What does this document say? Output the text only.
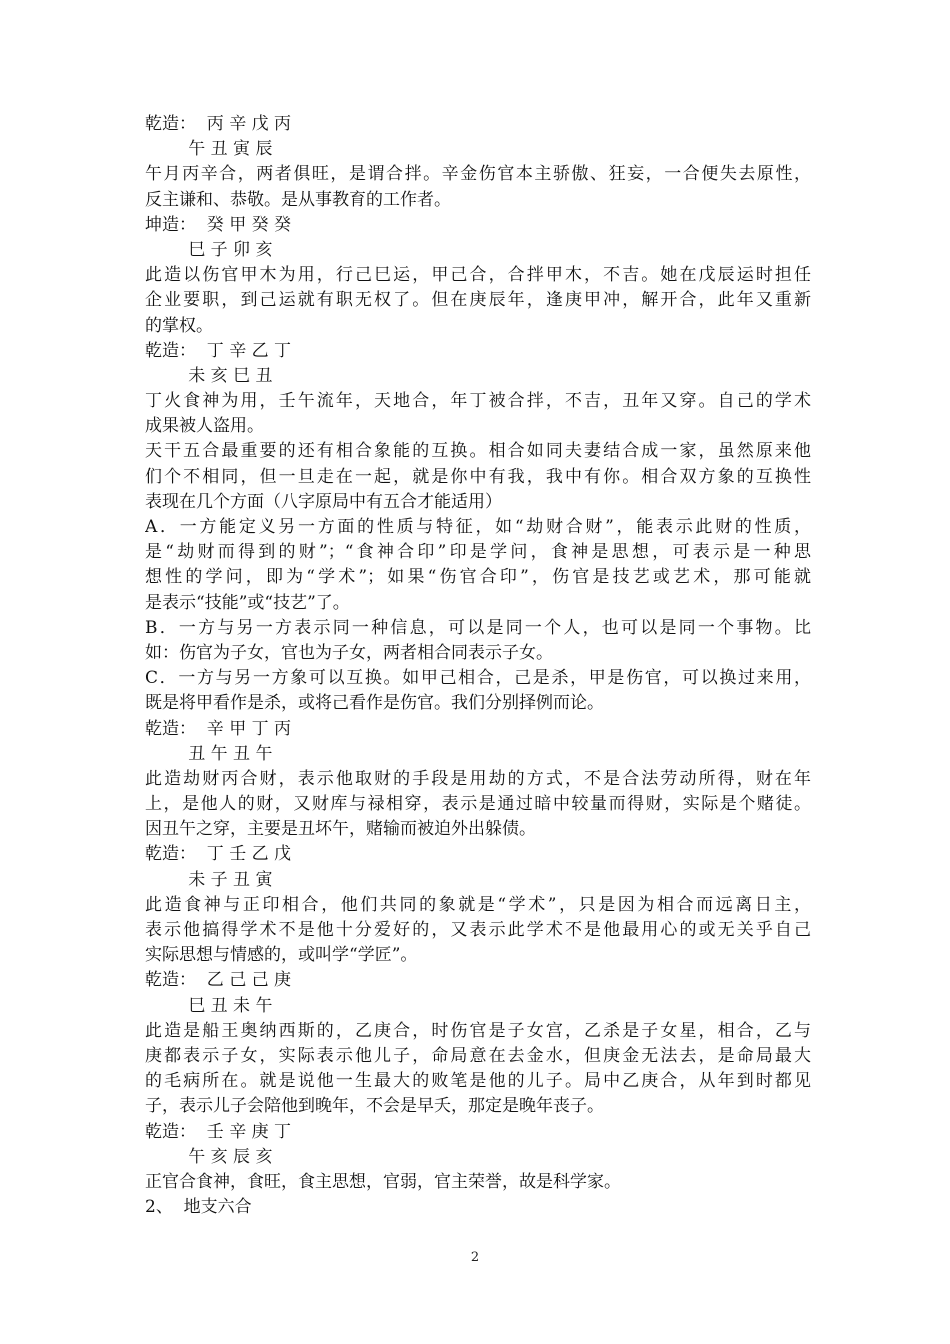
乾造：  丙 辛 戊 丙
午 丑 寅 辰
午月丙辛合，两者俱旺，是谓合拌。辛金伤官本主骄傲、狂妄，一合便失去原性，
反主谦和、恭敬。是从事教育的工作者。
坤造：  癸 甲 癸 癸
巳 子 卯 亥
此造以伤官甲木为用，行己巳运，甲己合，合拌甲木，不吉。她在戊辰运时担任
企业要职，到己运就有职无权了。但在庚辰年，逢庚甲冲，解开合，此年又重新
的掌权。
乾造：  丁 辛 乙 丁
未 亥 巳 丑
丁火食神为用，壬午流年，天地合，年丁被合拌，不吉，丑年又穿。自己的学术
成果被人盗用。
天干五合最重要的还有相合象能的互换。相合如同夫妻结合成一家，虽然原来他
们个不相同，但一旦走在一起，就是你中有我，我中有你。相合双方象的互换性
表现在几个方面（八字原局中有五合才能适用）
A．一方能定义另一方面的性质与特征，如“劫财合财”，能表示此财的性质，
是“劫财而得到的财”；“食神合印”印是学问，食神是思想，可表示是一种思
想性的学问，即为“学术”；如果“伤官合印”，伤官是技艺或艺术，那可能就
是表示“技能”或“技艺”了。
B．一方与另一方表示同一种信息，可以是同一个人，也可以是同一个事物。比
如：伤官为子女，官也为子女，两者相合同表示子女。
C．一方与另一方象可以互换。如甲己相合，己是杀，甲是伤官，可以换过来用，
既是将甲看作是杀，或将己看作是伤官。我们分别择例而论。
乾造：  辛 甲 丁 丙
丑 午 丑 午
此造劫财丙合财，表示他取财的手段是用劫的方式，不是合法劳动所得，财在年
上，是他人的财，又财库与禄相穿，表示是通过暗中较量而得财，实际是个赌徒。
因丑午之穿，主要是丑坏午，赌输而被迫外出躲债。
乾造：  丁 壬 乙 戊
未 子 丑 寅
此造食神与正印相合，他们共同的象就是“学术”，只是因为相合而远离日主，
表示他搞得学术不是他十分爱好的，又表示此学术不是他最用心的或无关乎自己
实际思想与情感的，或叫学“学匠”。
乾造：  乙 己 己 庚
巳 丑 未 午
此造是船王奥纳西斯的，乙庚合，时伤官是子女宫，乙杀是子女星，相合，乙与
庚都表示子女，实际表示他儿子，命局意在去金水，但庚金无法去，是命局最大
的毛病所在。就是说他一生最大的败笔是他的儿子。局中乙庚合，从年到时都见
子，表示儿子会陪他到晚年，不会是早夭，那定是晚年丧子。
乾造：  壬 辛 庚 丁
午 亥 辰 亥
正官合食神，食旺，食主思想，官弱，官主荣誉，故是科学家。
2、  地支六合
2
